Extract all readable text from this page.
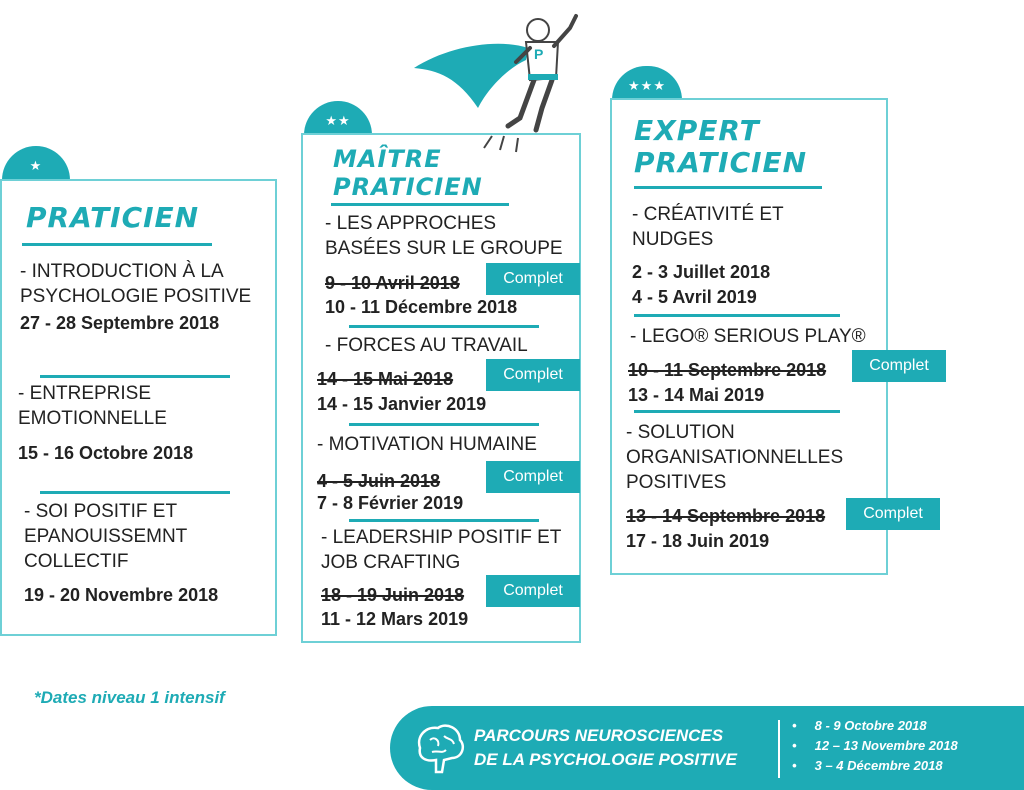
★
PRATICIEN
- INTRODUCTION À LA PSYCHOLOGIE POSITIVE
27 - 28 Septembre 2018
- ENTREPRISE EMOTIONNELLE
15 - 16 Octobre 2018
- SOI POSITIF ET EPANOUISSEMNT COLLECTIF
19 - 20 Novembre 2018
★★
MAÎTRE
PRATICIEN
- LES APPROCHES BASÉES SUR LE GROUPE
9 - 10 Avril 2018
10 - 11 Décembre 2018
- FORCES AU TRAVAIL
14 - 15 Mai 2018
14 - 15 Janvier 2019
- MOTIVATION HUMAINE
4 - 5 Juin 2018
7 - 8 Février 2019
- LEADERSHIP POSITIF ET JOB CRAFTING
18 - 19 Juin 2018
11 - 12 Mars 2019
Complet
Complet
Complet
Complet
P
★★★
EXPERT
PRATICIEN
- CRÉATIVITÉ ET NUDGES
2 - 3 Juillet 2018
4 - 5 Avril 2019
- LEGO® SERIOUS PLAY®
10 - 11 Septembre 2018
13 - 14 Mai 2019
- SOLUTION ORGANISATIONNELLES POSITIVES
13 - 14 Septembre 2018
17 - 18 Juin 2019
Complet
Complet
*Dates niveau 1 intensif
PARCOURS NEUROSCIENCES
DE LA PSYCHOLOGIE POSITIVE
• 8 - 9 Octobre 2018
• 12 – 13 Novembre 2018
• 3 – 4 Décembre 2018
